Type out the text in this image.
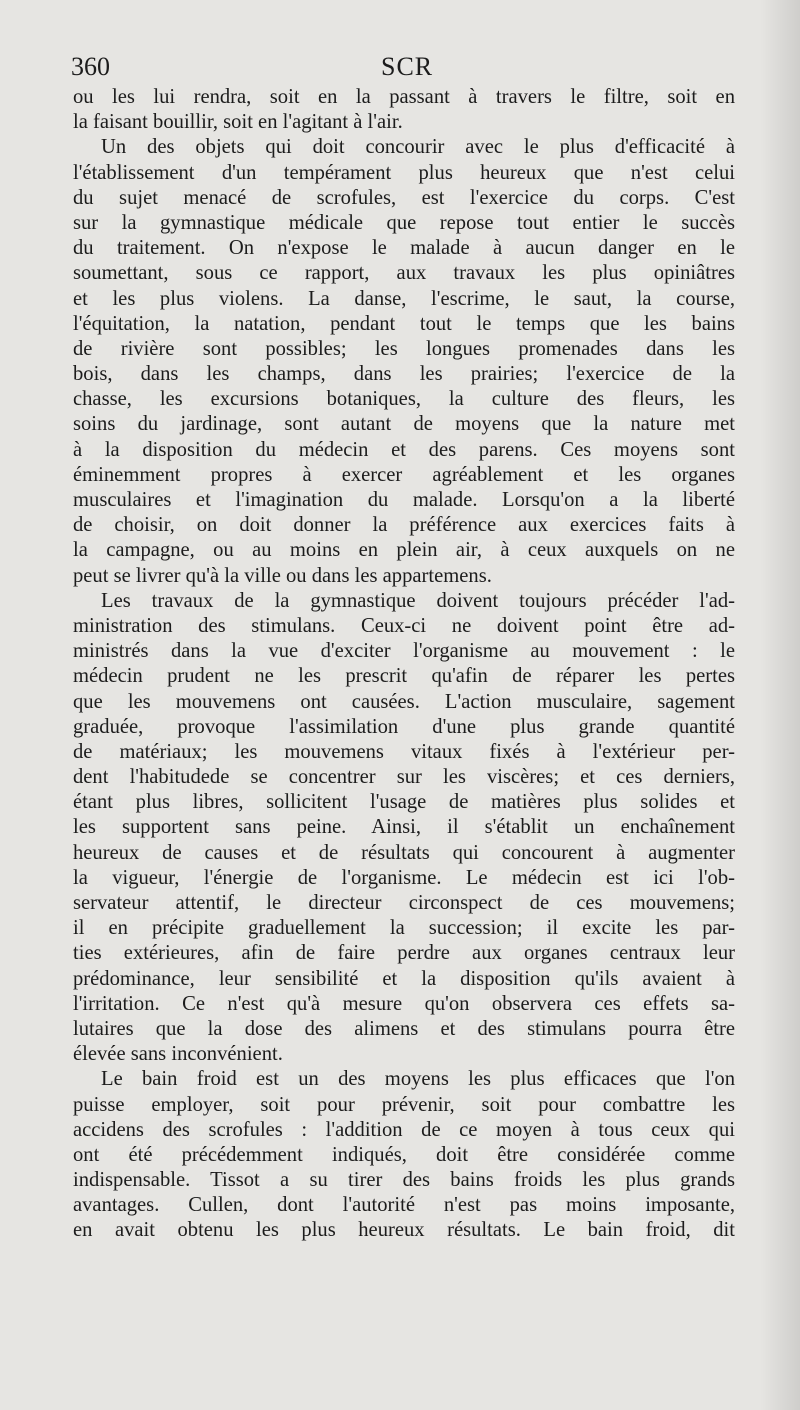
360	SCR
ou les lui rendra, soit en la passant à travers le filtre, soit en
la faisant bouillir, soit en l'agitant à l'air.
Un des objets qui doit concourir avec le plus d'efficacité à
l'établissement d'un tempérament plus heureux que n'est celui
du sujet menacé de scrofules, est l'exercice du corps. C'est
sur la gymnastique médicale que repose tout entier le succès
du traitement. On n'expose le malade à aucun danger en le
soumettant, sous ce rapport, aux travaux les plus opiniâtres
et les plus violens. La danse, l'escrime, le saut, la course,
l'équitation, la natation, pendant tout le temps que les bains
de rivière sont possibles; les longues promenades dans les
bois, dans les champs, dans les prairies; l'exercice de la
chasse, les excursions botaniques, la culture des fleurs, les
soins du jardinage, sont autant de moyens que la nature met
à la disposition du médecin et des parens. Ces moyens sont
éminemment propres à exercer agréablement et les organes
musculaires et l'imagination du malade. Lorsqu'on a la liberté
de choisir, on doit donner la préférence aux exercices faits à
la campagne, ou au moins en plein air, à ceux auxquels on ne
peut se livrer qu'à la ville ou dans les appartemens.
Les travaux de la gymnastique doivent toujours précéder l'ad-
ministration des stimulans. Ceux-ci ne doivent point être ad-
ministrés dans la vue d'exciter l'organisme au mouvement : le
médecin prudent ne les prescrit qu'afin de réparer les pertes
que les mouvemens ont causées. L'action musculaire, sagement
graduée, provoque l'assimilation d'une plus grande quantité
de matériaux; les mouvemens vitaux fixés à l'extérieur per-
dent l'habitudede se concentrer sur les viscères; et ces derniers,
étant plus libres, sollicitent l'usage de matières plus solides et
les supportent sans peine. Ainsi, il s'établit un enchaînement
heureux de causes et de résultats qui concourent à augmenter
la vigueur, l'énergie de l'organisme. Le médecin est ici l'ob-
servateur attentif, le directeur circonspect de ces mouvemens;
il en précipite graduellement la succession; il excite les par-
ties extérieures, afin de faire perdre aux organes centraux leur
prédominance, leur sensibilité et la disposition qu'ils avaient à
l'irritation. Ce n'est qu'à mesure qu'on observera ces effets sa-
lutaires que la dose des alimens et des stimulans pourra être
élevée sans inconvénient.
Le bain froid est un des moyens les plus efficaces que l'on
puisse employer, soit pour prévenir, soit pour combattre les
accidens des scrofules : l'addition de ce moyen à tous ceux qui
ont été précédemment indiqués, doit être considérée comme
indispensable. Tissot a su tirer des bains froids les plus grands
avantages. Cullen, dont l'autorité n'est pas moins imposante,
en avait obtenu les plus heureux résultats. Le bain froid, dit
